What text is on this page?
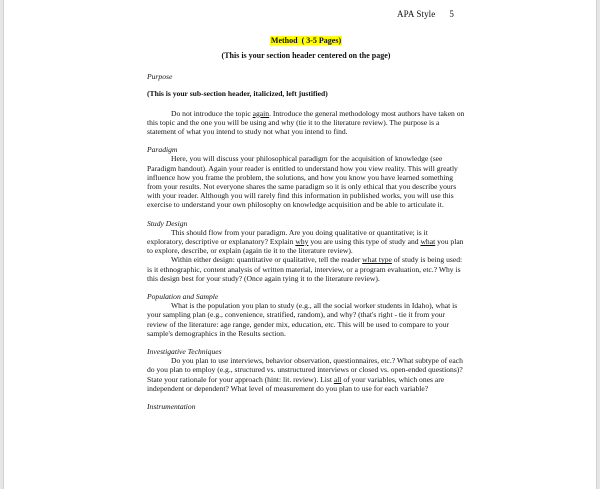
APA Style 5

Method ( 3-5 Pages)

(This is your section header centered on the page)

Purpose

(This is your sub-section header, italicized, left justified)

Do not introduce the topic again. Introduce the general methodology most authors have taken on this topic and the one you will be using and why (tie it to the literature review). The purpose is a statement of what you intend to study not what you intend to find.

Paradigm

Here, you will discuss your philosophical paradigm for the acquisition of knowledge (see Paradigm handout). Again your reader is entitled to understand how you view reality. This will greatly influence how you frame the problem, the solutions, and how you know you have learned something from your results. Not everyone shares the same paradigm so it is only ethical that you describe yours with your reader. Although you will rarely find this information in published works, you will use this exercise to understand your own philosophy on knowledge acquisition and be able to articulate it.

Study Design

This should flow from your paradigm. Are you doing qualitative or quantitative; is it exploratory, descriptive or explanatory? Explain why you are using this type of study and what you plan to explore, describe, or explain (again tie it to the literature review).

Within either design: quantitative or qualitative, tell the reader what type of study is being used: is it ethnographic, content analysis of written material, interview, or a program evaluation, etc.? Why is this design best for your study? (Once again tying it to the literature review).

Population and Sample

What is the population you plan to study (e.g., all the social worker students in Idaho), what is your sampling plan (e.g., convenience, stratified, random), and why? (that's right - tie it from your review of the literature: age range, gender mix, education, etc. This will be used to compare to your sample's demographics in the Results section.

Investigative Techniques

Do you plan to use interviews, behavior observation, questionnaires, etc.? What subtype of each do you plan to employ (e.g., structured vs. unstructured interviews or closed vs. open-ended questions)? State your rationale for your approach (hint: lit. review). List all of your variables, which ones are independent or dependent? What level of measurement do you plan to use for each variable?

Instrumentation
